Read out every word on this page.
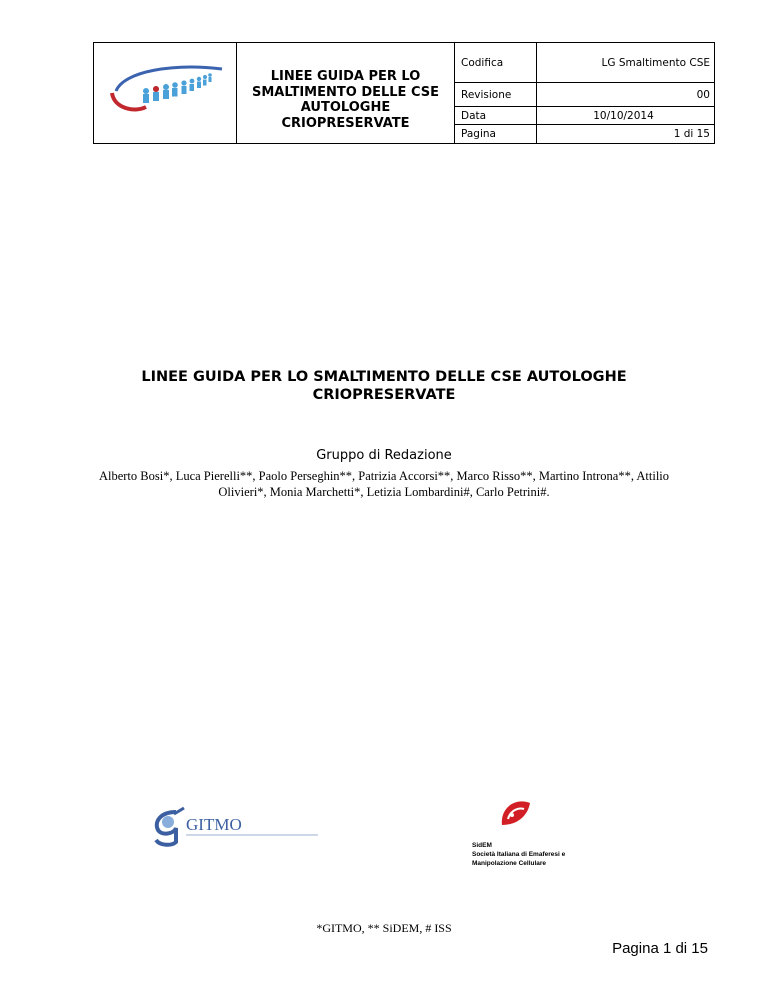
LINEE GUIDA PER LO SMALTIMENTO DELLE CSE AUTOLOGHE CRIOPRESERVATE
Codifica	LG Smaltimento CSE
Revisione	00
Data	10/10/2014
Pagina	1 di 15
LINEE GUIDA PER LO SMALTIMENTO DELLE CSE AUTOLOGHE CRIOPRESERVATE
Gruppo di Redazione
Alberto Bosi*, Luca Pierelli**, Paolo Perseghin**, Patrizia Accorsi**, Marco Risso**, Martino Introna**, Attilio Olivieri*, Monia Marchetti*, Letizia Lombardini#, Carlo Petrini#.
GITMO
SidEM
Società Italiana di Emaferesi e
Manipolazione Cellulare
*GITMO, ** SiDEM, # ISS
Pagina 1 di 15
